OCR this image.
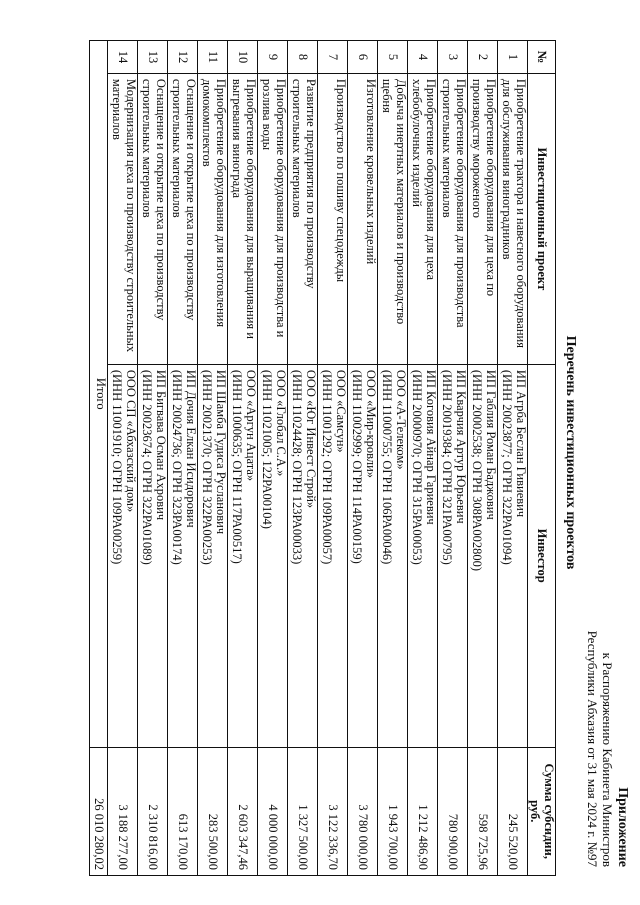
Приложение
к Распоряжению Кабинета Министров
Республики Абхазия от 31 мая 2024 г. №97
Перечень инвестиционных проектов
№	Инвестиционный проект	Инвестор	Сумма субсидии, руб.
1	Приобретение трактора и навесного оборудования для обслуживания виноградников	ИП Агрба Беслан Гивиевич
(ИНН 20023877; ОГРН 322РА01094)	245 520,00
2	Приобретение оборудования для цеха по производству мороженого	ИП Габлия Роман Баджович
(ИНН 20002538; ОГРН 308РА002800)	598 725,96
3	Приобретение оборудования для производства строительных материалов	ИП Кварчия Артур Юрьевич
(ИНН 20019384; ОГРН 321РА00795)	780 900,00
4	Приобретение оборудования для цеха хлебобулочных изделий	ИП Коговия Айнар Гариевич
(ИНН 20000970; ОГРН 315РА00053)	1 212 486,90
5	Добыча инертных материалов и производство щебня	ООО «А-Телеком»
(ИНН 11000755; ОГРН 106РА00046)	1 943 700,00
6	Изготовление кровельных изделий	ООО «Мир-кровли»
(ИНН 11002999; ОГРН 114РА00159)	3 780 000,00
7	Производство по пошиву спецодежды	ООО «Самсун»
(ИНН 11001292; ОГРН 109РА00057)	3 122 336,70
8	Развитие предприятия по производству строительных материалов	ООО «Юг Инвест Строй»
(ИНН 11024428; ОГРН 123РА00033)	1 327 500,00
9	Приобретение оборудования для производства и розлива воды	ООО «Глобал С.А.»
(ИНН 11021005; 122РА00104)	4 000 000,00
10	Приобретение оборудования для выращивания и выгревания винограда	ООО «Аргун Ацата»
(ИНН 11000635; ОГРН 117РА00517)	2 603 347,46
11	Приобретение оборудования для изготовления домокомплектов	ИП Шамба Гудиса Русланович
(ИНН 20021370; ОГРН 322РА00253)	283 500,00
12	Оснащение и открытие цеха по производству строительных материалов	ИП Дочия Елкан Исидорович
(ИНН 20024736; ОГРН 323РА00174)	613 170,00
13	Оснащение и открытие цеха по производству строительных материалов	ИП Бигвава Осман Ахрович
(ИНН 20023674; ОГРН 322РА01089)	2 310 816,00
14	Модернизация цеха по производству строительных материалов	ООО СП «Абхазский дом»
(ИНН 11001910; ОГРН 109РА00259)	3 188 277,00
Итого			26 010 280,02
